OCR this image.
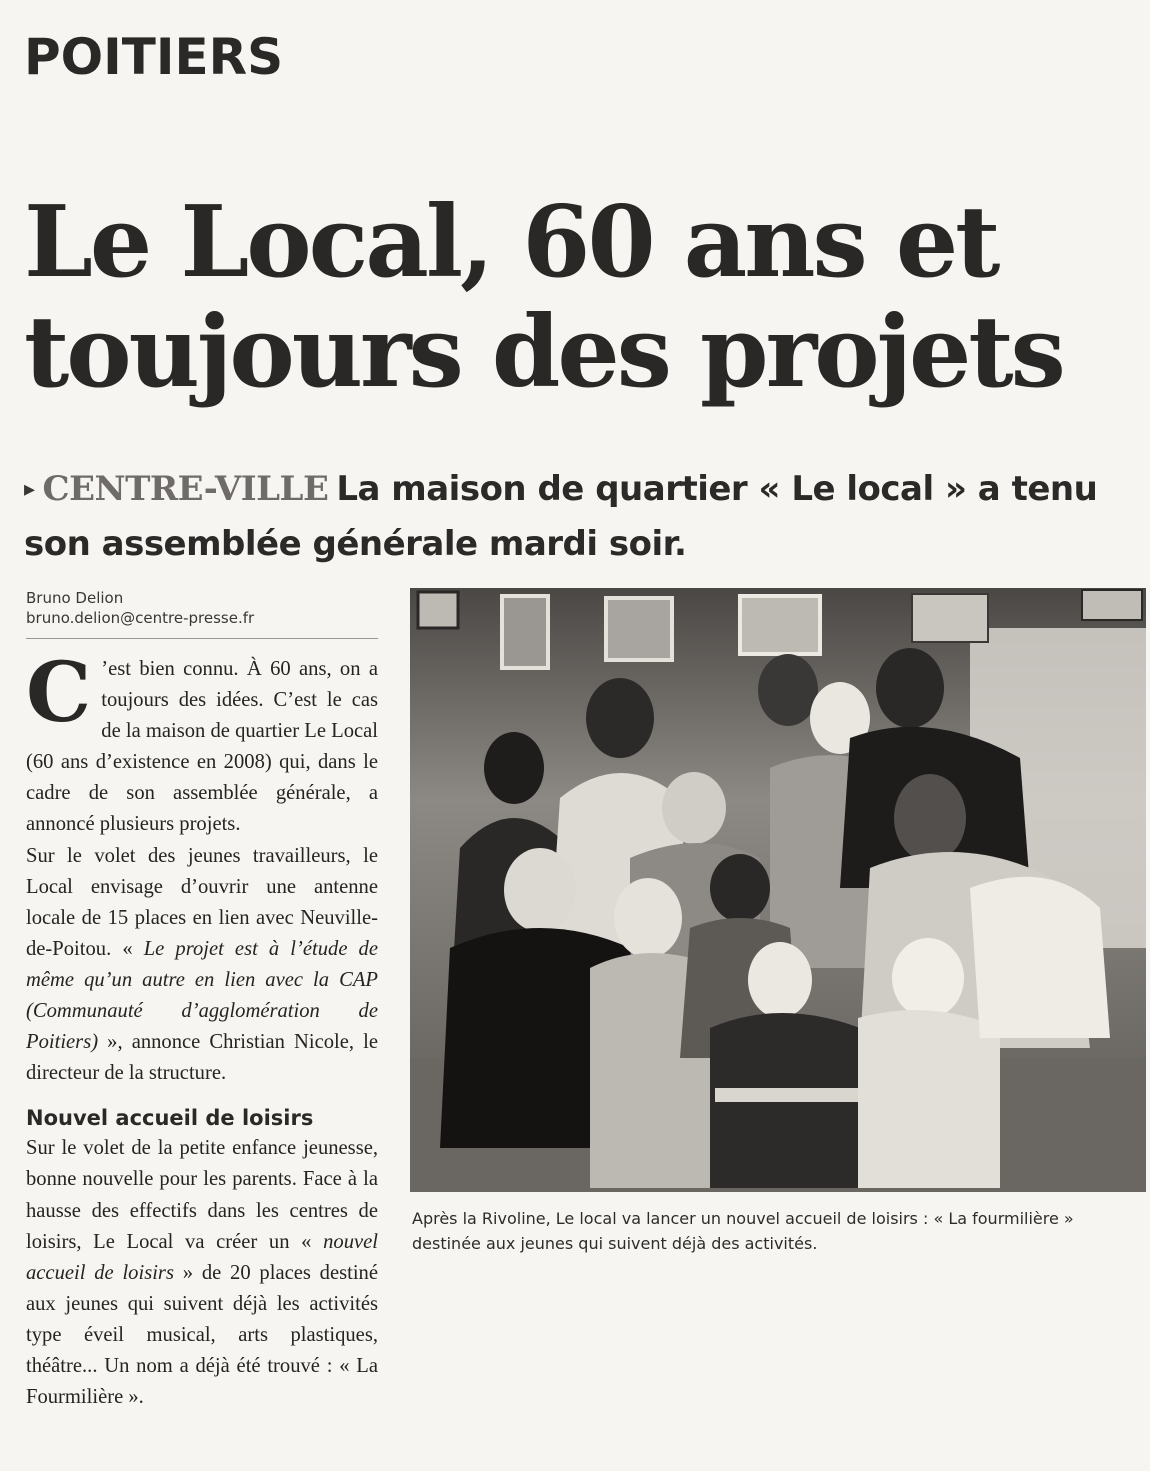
POITIERS
Le Local, 60 ans et
toujours des projets
▸ CENTRE-VILLE La maison de quartier « Le local » a tenu
son assemblée générale mardi soir.
Bruno Delion
bruno.delion@centre-presse.fr

C ’est bien connu. À 60 ans, on a toujours des idées. C’est le cas de la maison de quartier Le Local (60 ans d’existence en 2008) qui, dans le cadre de son assemblée générale, a annoncé plusieurs projets.

Sur le volet des jeunes travailleurs, le Local envisage d’ouvrir une antenne locale de 15 places en lien avec Neuville-de-Poitou. « Le projet est à l’étude de même qu’un autre en lien avec la CAP (Communauté d’agglomération de Poitiers) », annonce Christian Nicole, le directeur de la structure.

Nouvel accueil de loisirs

Sur le volet de la petite enfance jeunesse, bonne nouvelle pour les parents. Face à la hausse des effectifs dans les centres de loisirs, Le Local va créer un « nouvel accueil de loisirs » de 20 places destiné aux jeunes qui suivent déjà les activités type éveil musical, arts plastiques, théâtre... Un nom a déjà été trouvé : « La Fourmilière ».

Après la Rivoline, Le local va lancer un nouvel accueil de loisirs : « La fourmilière » destinée aux jeunes qui suivent déjà des activités.
